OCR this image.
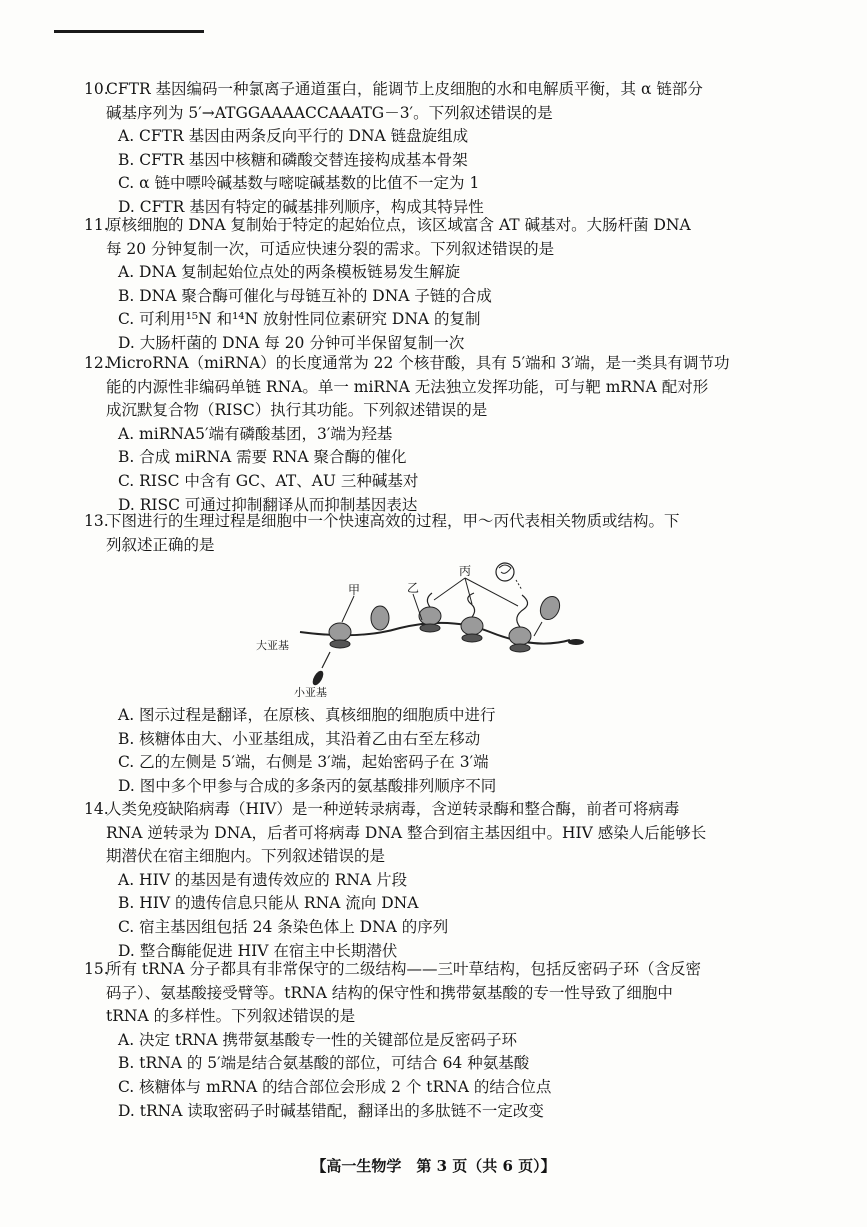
10.CFTR 基因编码一种氯离子通道蛋白，能调节上皮细胞的水和电解质平衡，其 α 链部分
碱基序列为 5′→ATGGAAAACCAAATG－3′。下列叙述错误的是
A. CFTR 基因由两条反向平行的 DNA 链盘旋组成
B. CFTR 基因中核糖和磷酸交替连接构成基本骨架
C. α 链中嘌呤碱基数与嘧啶碱基数的比值不一定为 1
D. CFTR 基因有特定的碱基排列顺序，构成其特异性
11.原核细胞的 DNA 复制始于特定的起始位点，该区域富含 AT 碱基对。大肠杆菌 DNA
每 20 分钟复制一次，可适应快速分裂的需求。下列叙述错误的是
A. DNA 复制起始位点处的两条模板链易发生解旋
B. DNA 聚合酶可催化与母链互补的 DNA 子链的合成
C. 可利用¹⁵N 和¹⁴N 放射性同位素研究 DNA 的复制
D. 大肠杆菌的 DNA 每 20 分钟可半保留复制一次
12.MicroRNA（miRNA）的长度通常为 22 个核苷酸，具有 5′端和 3′端，是一类具有调节功
能的内源性非编码单链 RNA。单一 miRNA 无法独立发挥功能，可与靶 mRNA 配对形
成沉默复合物（RISC）执行其功能。下列叙述错误的是
A. miRNA5′端有磷酸基团，3′端为羟基
B. 合成 miRNA 需要 RNA 聚合酶的催化
C. RISC 中含有 GC、AT、AU 三种碱基对
D. RISC 可通过抑制翻译从而抑制基因表达
13.下图进行的生理过程是细胞中一个快速高效的过程，甲～丙代表相关物质或结构。下
列叙述正确的是
甲	乙
丙
大亚基
小亚基
A. 图示过程是翻译，在原核、真核细胞的细胞质中进行
B. 核糖体由大、小亚基组成，其沿着乙由右至左移动
C. 乙的左侧是 5′端，右侧是 3′端，起始密码子在 3′端
D. 图中多个甲参与合成的多条丙的氨基酸排列顺序不同
14.人类免疫缺陷病毒（HIV）是一种逆转录病毒，含逆转录酶和整合酶，前者可将病毒
RNA 逆转录为 DNA，后者可将病毒 DNA 整合到宿主基因组中。HIV 感染人后能够长
期潜伏在宿主细胞内。下列叙述错误的是
A. HIV 的基因是有遗传效应的 RNA 片段
B. HIV 的遗传信息只能从 RNA 流向 DNA
C. 宿主基因组包括 24 条染色体上 DNA 的序列
D. 整合酶能促进 HIV 在宿主中长期潜伏
15.所有 tRNA 分子都具有非常保守的二级结构——三叶草结构，包括反密码子环（含反密
码子）、氨基酸接受臂等。tRNA 结构的保守性和携带氨基酸的专一性导致了细胞中
tRNA 的多样性。下列叙述错误的是
A. 决定 tRNA 携带氨基酸专一性的关键部位是反密码子环
B. tRNA 的 5′端是结合氨基酸的部位，可结合 64 种氨基酸
C. 核糖体与 mRNA 的结合部位会形成 2 个 tRNA 的结合位点
D. tRNA 读取密码子时碱基错配，翻译出的多肽链不一定改变
【高一生物学　第 3 页（共 6 页）】
